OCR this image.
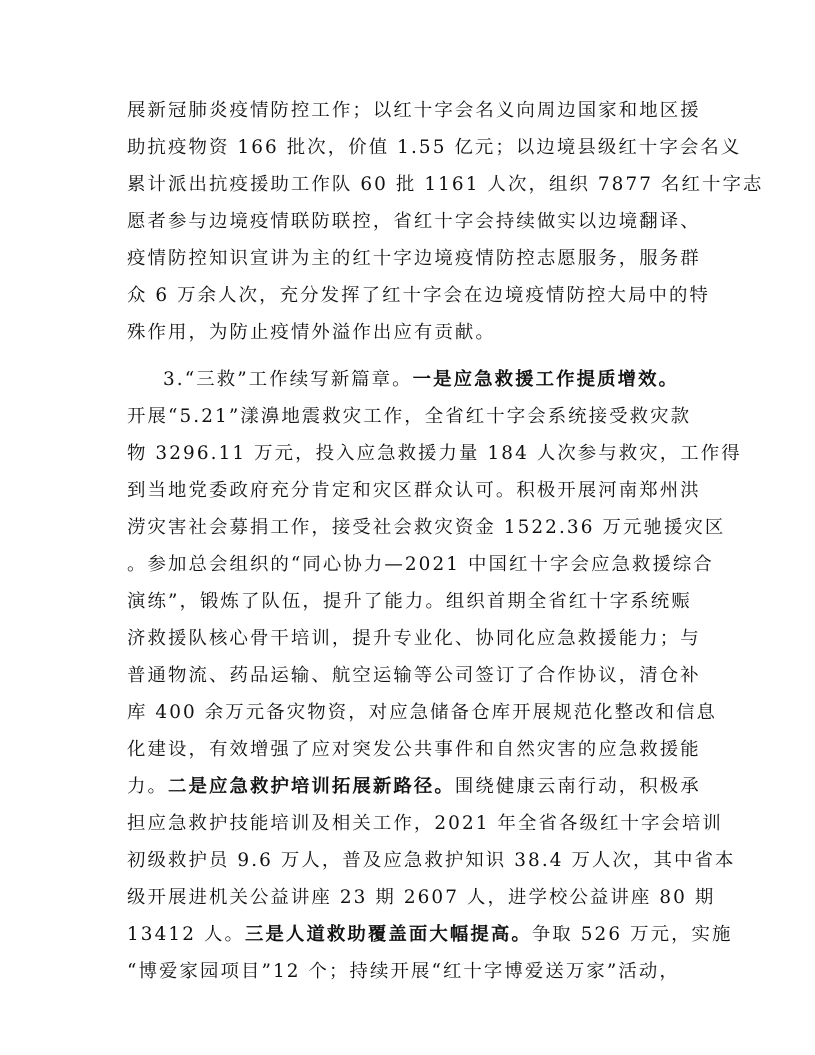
展新冠肺炎疫情防控工作；以红十字会名义向周边国家和地区援
助抗疫物资 166 批次，价值 1.55 亿元；以边境县级红十字会名义
累计派出抗疫援助工作队 60 批 1161 人次，组织 7877 名红十字志
愿者参与边境疫情联防联控，省红十字会持续做实以边境翻译、
疫情防控知识宣讲为主的红十字边境疫情防控志愿服务，服务群
众 6 万余人次，充分发挥了红十字会在边境疫情防控大局中的特
殊作用，为防止疫情外溢作出应有贡献。
3.“三救”工作续写新篇章。一是应急救援工作提质增效。
开展“5.21”漾濞地震救灾工作，全省红十字会系统接受救灾款
物 3296.11 万元，投入应急救援力量 184 人次参与救灾，工作得
到当地党委政府充分肯定和灾区群众认可。积极开展河南郑州洪
涝灾害社会募捐工作，接受社会救灾资金 1522.36 万元驰援灾区
。参加总会组织的“同心协力—2021 中国红十字会应急救援综合
演练”，锻炼了队伍，提升了能力。组织首期全省红十字系统赈
济救援队核心骨干培训，提升专业化、协同化应急救援能力；与
普通物流、药品运输、航空运输等公司签订了合作协议，清仓补
库 400 余万元备灾物资，对应急储备仓库开展规范化整改和信息
化建设，有效增强了应对突发公共事件和自然灾害的应急救援能
力。二是应急救护培训拓展新路径。围绕健康云南行动，积极承
担应急救护技能培训及相关工作，2021 年全省各级红十字会培训
初级救护员 9.6 万人，普及应急救护知识 38.4 万人次，其中省本
级开展进机关公益讲座 23 期 2607 人，进学校公益讲座 80 期
13412 人。三是人道救助覆盖面大幅提高。争取 526 万元，实施
“博爱家园项目”12 个；持续开展“红十字博爱送万家”活动，
